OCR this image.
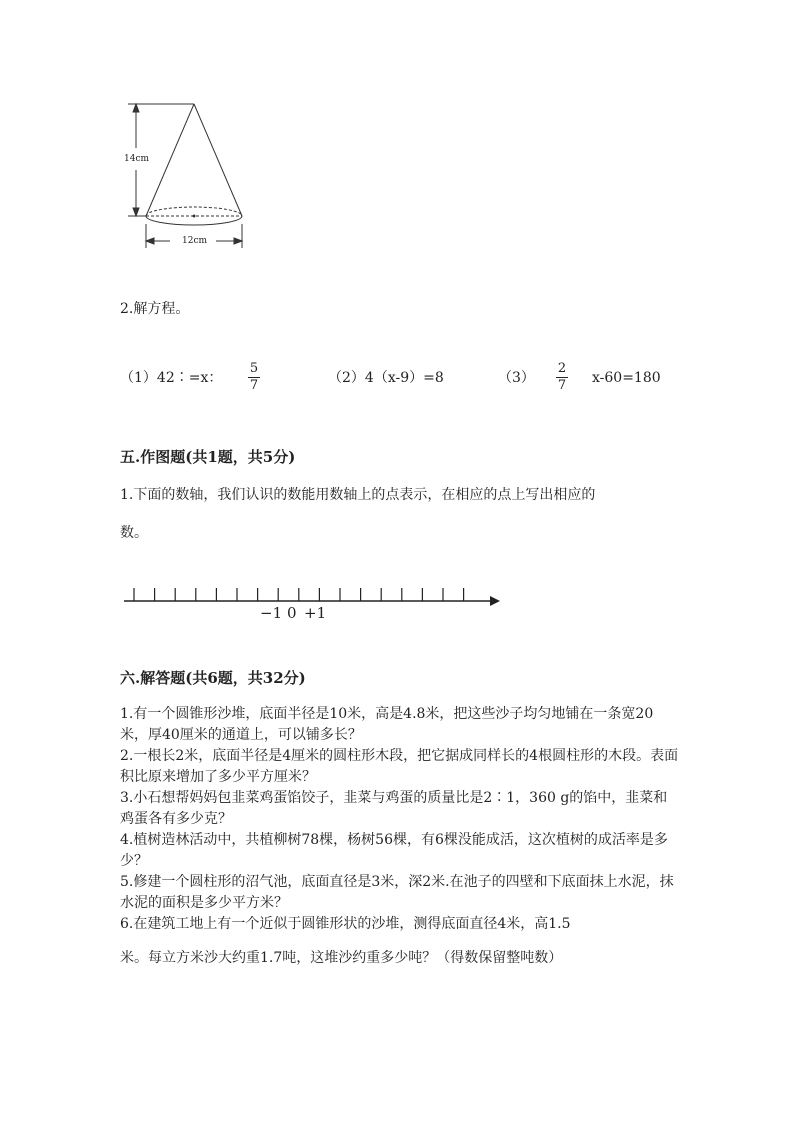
14cm
12cm
2.解方程。
（1）42∶=x：
5
7	（2）4（x-9）=8	（3）
2
7 x-60=180
五.作图题(共1题，共5分)
1.下面的数轴，我们认识的数能用数轴上的点表示，在相应的点上写出相应的
数。
−1 0 +1
六.解答题(共6题，共32分)
1.有一个圆锥形沙堆，底面半径是10米，高是4.8米，把这些沙子均匀地铺在一条宽20米，厚40厘米的通道上，可以铺多长？
2.一根长2米，底面半径是4厘米的圆柱形木段，把它据成同样长的4根圆柱形的木段。表面积比原来增加了多少平方厘米？
3.小石想帮妈妈包韭菜鸡蛋馅饺子，韭菜与鸡蛋的质量比是2∶1，360 g的馅中，韭菜和鸡蛋各有多少克？
4.植树造林活动中，共植柳树78棵，杨树56棵，有6棵没能成活，这次植树的成活率是多少？
5.修建一个圆柱形的沼气池，底面直径是3米，深2米.在池子的四壁和下底面抹上水泥，抹水泥的面积是多少平方米？
6.在建筑工地上有一个近似于圆锥形状的沙堆，测得底面直径4米，高1.5
米。每立方米沙大约重1.7吨，这堆沙约重多少吨？（得数保留整吨数）
